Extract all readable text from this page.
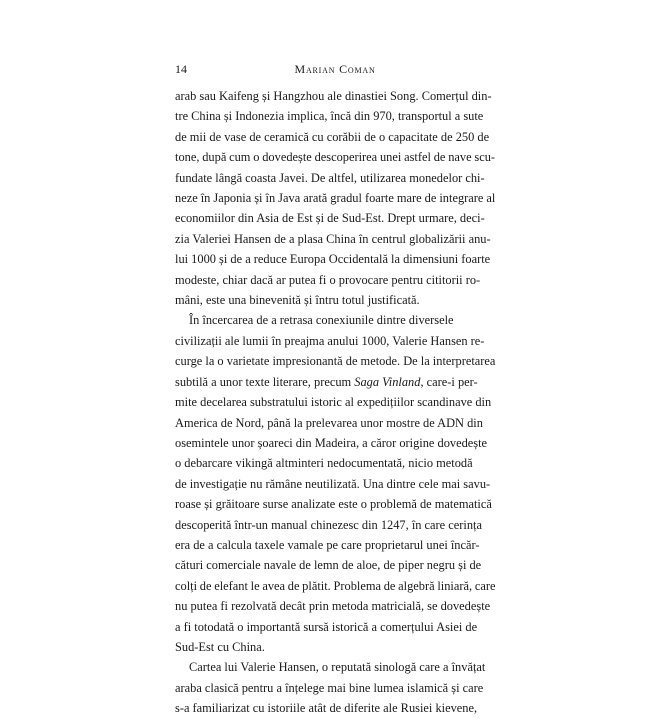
14	Marian Coman
arab sau Kaifeng și Hangzhou ale dinastiei Song. Comerțul din-
tre China și Indonezia implica, încă din 970, transportul a sute
de mii de vase de ceramică cu corăbii de o capacitate de 250 de
tone, după cum o dovedește descoperirea unei astfel de nave scu-
fundate lângă coasta Javei. De altfel, utilizarea monedelor chi-
neze în Japonia și în Java arată gradul foarte mare de integrare al
economiilor din Asia de Est și de Sud-Est. Drept urmare, deci-
zia Valeriei Hansen de a plasa China în centrul globalizării anu-
lui 1000 și de a reduce Europa Occidentală la dimensiuni foarte
modeste, chiar dacă ar putea fi o provocare pentru cititorii ro-
mâni, este una binevenită și întru totul justificată.
În încercarea de a retrasa conexiunile dintre diversele
civilizații ale lumii în preajma anului 1000, Valerie Hansen re-
curge la o varietate impresionantă de metode. De la interpretarea
subtilă a unor texte literare, precum Saga Vinland, care-i per-
mite decelarea substratului istoric al expedițiilor scandinave din
America de Nord, până la prelevarea unor mostre de ADN din
osemintele unor șoareci din Madeira, a căror origine dovedește
o debarcare vikingă altminteri nedocumentată, nicio metodă
de investigație nu rămâne neutilizată. Una dintre cele mai savu-
roase și grăitoare surse analizate este o problemă de matematică
descoperită într-un manual chinezesc din 1247, în care cerința
era de a calcula taxele vamale pe care proprietarul unei încăr-
cături comerciale navale de lemn de aloe, de piper negru și de
colți de elefant le avea de plătit. Problema de algebră liniară, care
nu putea fi rezolvată decât prin metoda matricială, se dovedește
a fi totodată o importantă sursă istorică a comerțului Asiei de
Sud-Est cu China.
Cartea lui Valerie Hansen, o reputată sinologă care a învățat
araba clasică pentru a înțelege mai bine lumea islamică și care
s-a familiarizat cu istoriile atât de diferite ale Rusiei kievene,
